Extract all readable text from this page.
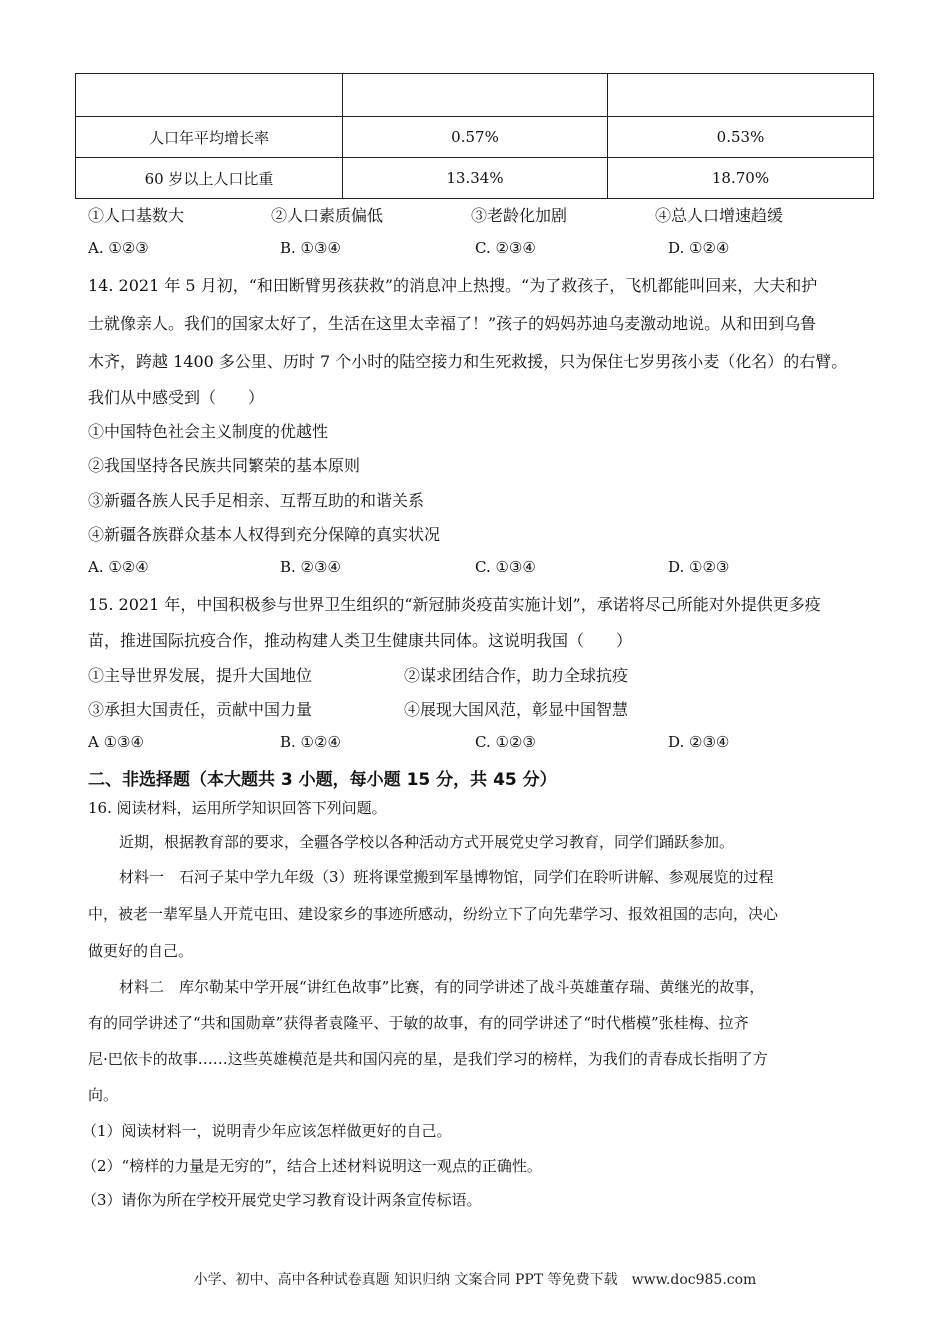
人口年平均增长率	0.57%	0.53%
60 岁以上人口比重	13.34%	18.70%
①人口基数大	②人口素质偏低	③老龄化加剧	④总人口增速趋缓
A. ①②③	B. ①③④	C. ②③④	D. ①②④
14. 2021 年 5 月初，“和田断臂男孩获救”的消息冲上热搜。“为了救孩子，飞机都能叫回来，大夫和护
士就像亲人。我们的国家太好了，生活在这里太幸福了！”孩子的妈妈苏迪乌麦激动地说。从和田到乌鲁
木齐，跨越 1400 多公里、历时 7 个小时的陆空接力和生死救援，只为保住七岁男孩小麦（化名）的右臂。
我们从中感受到（　　）
①中国特色社会主义制度的优越性
②我国坚持各民族共同繁荣的基本原则
③新疆各族人民手足相亲、互帮互助的和谐关系
④新疆各族群众基本人权得到充分保障的真实状况
A. ①②④	B. ②③④	C. ①③④	D. ①②③
15. 2021 年，中国积极参与世界卫生组织的“新冠肺炎疫苗实施计划”，承诺将尽己所能对外提供更多疫
苗，推进国际抗疫合作，推动构建人类卫生健康共同体。这说明我国（　　）
①主导世界发展，提升大国地位	②谋求团结合作，助力全球抗疫
③承担大国责任，贡献中国力量	④展现大国风范，彰显中国智慧
A ①③④	B. ①②④	C. ①②③	D. ②③④
二、非选择题（本大题共 3 小题，每小题 15 分，共 45 分）
16. 阅读材料，运用所学知识回答下列问题。
近期，根据教育部的要求，全疆各学校以各种活动方式开展党史学习教育，同学们踊跃参加。
材料一　石河子某中学九年级（3）班将课堂搬到军垦博物馆，同学们在聆听讲解、参观展览的过程
中，被老一辈军垦人开荒屯田、建设家乡的事迹所感动，纷纷立下了向先辈学习、报效祖国的志向，决心
做更好的自己。
材料二　库尔勒某中学开展“讲红色故事”比赛，有的同学讲述了战斗英雄董存瑞、黄继光的故事，
有的同学讲述了“共和国勋章”获得者袁隆平、于敏的故事，有的同学讲述了“时代楷模”张桂梅、拉齐
尼·巴依卡的故事……这些英雄模范是共和国闪亮的星，是我们学习的榜样，为我们的青春成长指明了方
向。
（1）阅读材料一，说明青少年应该怎样做更好的自己。
（2）“榜样的力量是无穷的”，结合上述材料说明这一观点的正确性。
（3）请你为所在学校开展党史学习教育设计两条宣传标语。
小学、初中、高中各种试卷真题 知识归纳 文案合同 PPT 等免费下载　www.doc985.com
